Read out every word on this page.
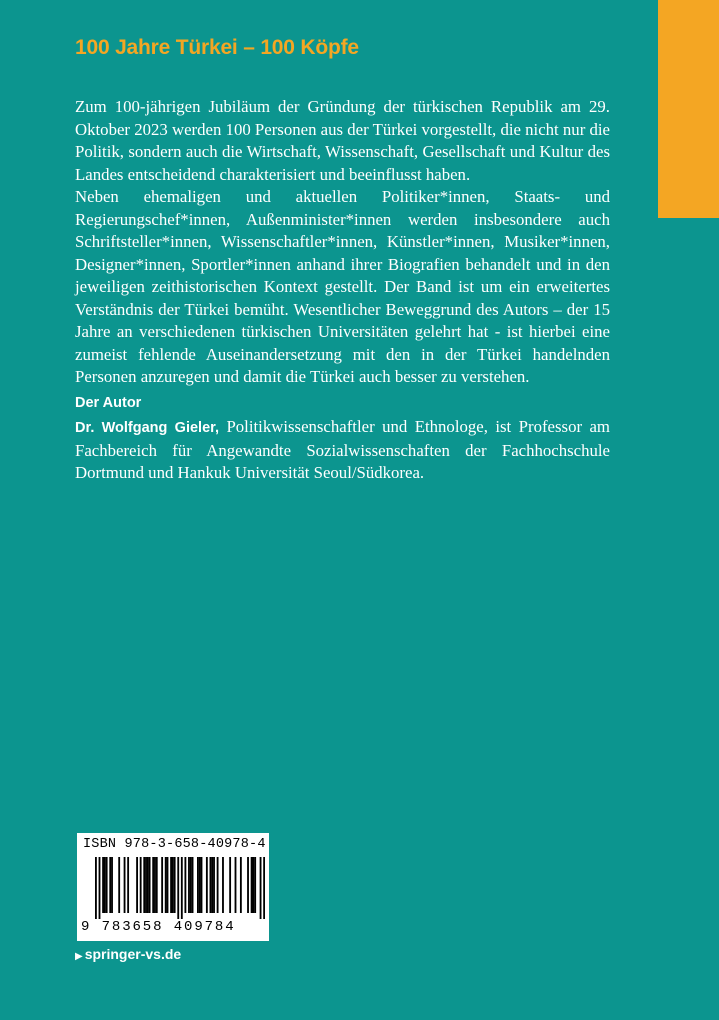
100 Jahre Türkei – 100 Köpfe

Zum 100-jährigen Jubiläum der Gründung der türkischen Republik am 29. Oktober 2023 werden 100 Personen aus der Türkei vorgestellt, die nicht nur die Politik, sondern auch die Wirtschaft, Wissenschaft, Gesellschaft und Kultur des Landes entscheidend charakterisiert und beeinflusst haben.

Neben ehemaligen und aktuellen Politiker*innen, Staats- und Regierungschef*innen, Außenminister*innen werden insbesondere auch Schriftsteller*innen, Wissenschaftler*innen, Künstler*innen, Musiker*innen, Designer*innen, Sportler*innen anhand ihrer Biografien behandelt und in den jeweiligen zeithistorischen Kontext gestellt. Der Band ist um ein erweitertes Verständnis der Türkei bemüht. Wesentlicher Beweggrund des Autors – der 15 Jahre an verschiedenen türkischen Universitäten gelehrt hat - ist hierbei eine zumeist fehlende Auseinandersetzung mit den in der Türkei handelnden Personen anzuregen und damit die Türkei auch besser zu verstehen.

Der Autor
Dr. Wolfgang Gieler, Politikwissenschaftler und Ethnologe, ist Professor am Fachbereich für Angewandte Sozialwissenschaften der Fachhochschule Dortmund und Hankuk Universität Seoul/Südkorea.
ISBN 978-3-658-40978-4
9 783658 409784
▶ springer-vs.de
